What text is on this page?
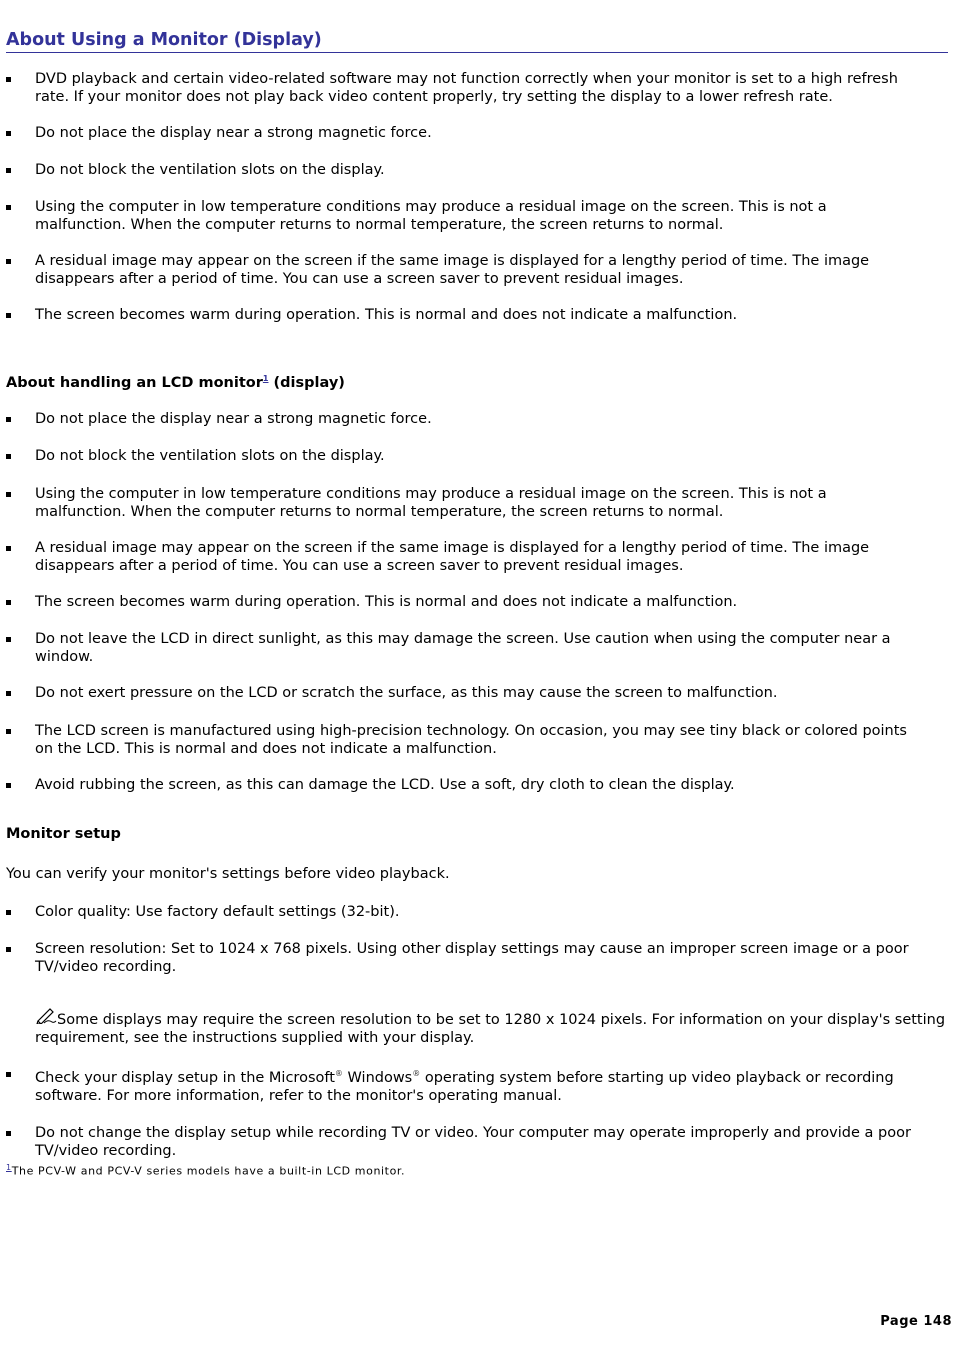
About Using a Monitor (Display)
DVD playback and certain video-related software may not function correctly when your monitor is set to a high refresh rate. If your monitor does not play back video content properly, try setting the display to a lower refresh rate.
Do not place the display near a strong magnetic force.
Do not block the ventilation slots on the display.
Using the computer in low temperature conditions may produce a residual image on the screen. This is not a malfunction. When the computer returns to normal temperature, the screen returns to normal.
A residual image may appear on the screen if the same image is displayed for a lengthy period of time. The image disappears after a period of time. You can use a screen saver to prevent residual images.
The screen becomes warm during operation. This is normal and does not indicate a malfunction.
About handling an LCD monitor$^1$ (display)
Do not place the display near a strong magnetic force.
Do not block the ventilation slots on the display.
Using the computer in low temperature conditions may produce a residual image on the screen. This is not a malfunction. When the computer returns to normal temperature, the screen returns to normal.
A residual image may appear on the screen if the same image is displayed for a lengthy period of time. The image disappears after a period of time. You can use a screen saver to prevent residual images.
The screen becomes warm during operation. This is normal and does not indicate a malfunction.
Do not leave the LCD in direct sunlight, as this may damage the screen. Use caution when using the computer near a window.
Do not exert pressure on the LCD or scratch the surface, as this may cause the screen to malfunction.
The LCD screen is manufactured using high-precision technology. On occasion, you may see tiny black or colored points on the LCD. This is normal and does not indicate a malfunction.
Avoid rubbing the screen, as this can damage the LCD. Use a soft, dry cloth to clean the display.
Monitor setup
You can verify your monitor's settings before video playback.
Color quality: Use factory default settings (32-bit).
Screen resolution: Set to 1024 x 768 pixels. Using other display settings may cause an improper screen image or a poor TV/video recording.
Some displays may require the screen resolution to be set to 1280 x 1024 pixels. For information on your display's setting requirement, see the instructions supplied with your display.
Check your display setup in the Microsoft® Windows® operating system before starting up video playback or recording software. For more information, refer to the monitor's operating manual.
Do not change the display setup while recording TV or video. Your computer may operate improperly and provide a poor TV/video recording.
$^1$The PCV-W and PCV-V series models have a built-in LCD monitor.
Page 148
